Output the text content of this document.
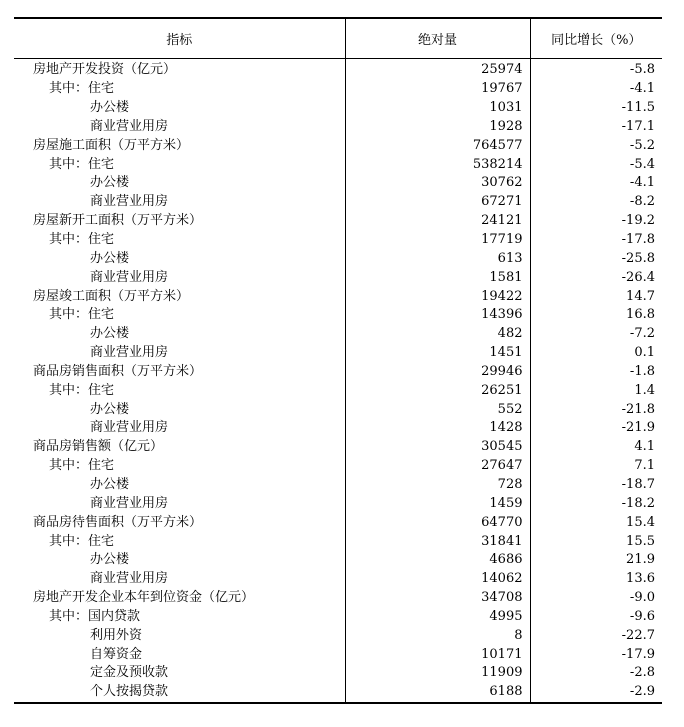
指标	绝对量	同比增长（%）
房地产开发投资（亿元）	25974	-5.8
其中：住宅	19767	-4.1
办公楼	1031	-11.5
商业营业用房	1928	-17.1
房屋施工面积（万平方米）	764577	-5.2
其中：住宅	538214	-5.4
办公楼	30762	-4.1
商业营业用房	67271	-8.2
房屋新开工面积（万平方米）	24121	-19.2
其中：住宅	17719	-17.8
办公楼	613	-25.8
商业营业用房	1581	-26.4
房屋竣工面积（万平方米）	19422	14.7
其中：住宅	14396	16.8
办公楼	482	-7.2
商业营业用房	1451	0.1
商品房销售面积（万平方米）	29946	-1.8
其中：住宅	26251	1.4
办公楼	552	-21.8
商业营业用房	1428	-21.9
商品房销售额（亿元）	30545	4.1
其中：住宅	27647	7.1
办公楼	728	-18.7
商业营业用房	1459	-18.2
商品房待售面积（万平方米）	64770	15.4
其中：住宅	31841	15.5
办公楼	4686	21.9
商业营业用房	14062	13.6
房地产开发企业本年到位资金（亿元）	34708	-9.0
其中：国内贷款	4995	-9.6
利用外资	8	-22.7
自筹资金	10171	-17.9
定金及预收款	11909	-2.8
个人按揭贷款	6188	-2.9
